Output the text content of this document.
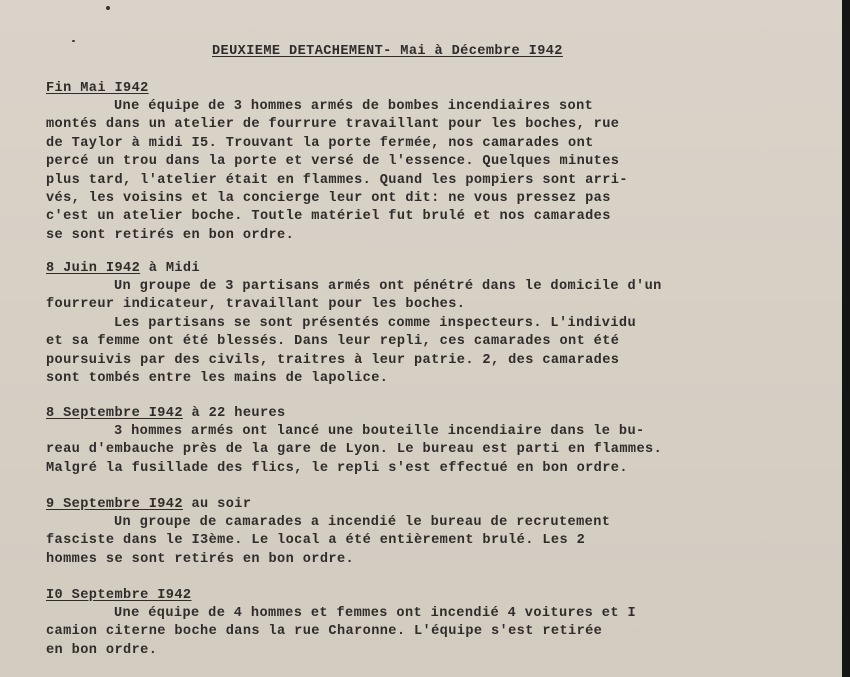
DEUXIEME DETACHEMENT- Mai à Décembre I942
Fin Mai I942
Une équipe de 3 hommes armés de bombes incendiaires sont
montés dans un atelier de fourrure travaillant pour les boches, rue
de Taylor à midi I5. Trouvant la porte fermée, nos camarades ont
percé un trou dans la porte et versé de l'essence. Quelques minutes
plus tard, l'atelier était en flammes. Quand les pompiers sont arri-
vés, les voisins et la concierge leur ont dit: ne vous pressez pas
c'est un atelier boche. Toutle matériel fut brulé et nos camarades
se sont retirés en bon ordre.
8 Juin I942 à Midi
Un groupe de 3 partisans armés ont pénétré dans le domicile d'un
fourreur indicateur, travaillant pour les boches.
Les partisans se sont présentés comme inspecteurs. L'individu
et sa femme ont été blessés. Dans leur repli, ces camarades ont été
poursuivis par des civils, traitres à leur patrie. 2, des camarades
sont tombés entre les mains de lapolice.
8 Septembre I942 à 22 heures
3 hommes armés ont lancé une bouteille incendiaire dans le bu-
reau d'embauche près de la gare de Lyon. Le bureau est parti en flammes.
Malgré la fusillade des flics, le repli s'est effectué en bon ordre.
9 Septembre I942 au soir
Un groupe de camarades a incendié le bureau de recrutement
fasciste dans le I3ème. Le local a été entièrement brulé. Les 2
hommes se sont retirés en bon ordre.
I0 Septembre I942
Une équipe de 4 hommes et femmes ont incendié 4 voitures et I
camion citerne boche dans la rue Charonne. L'équipe s'est retirée
en bon ordre.
